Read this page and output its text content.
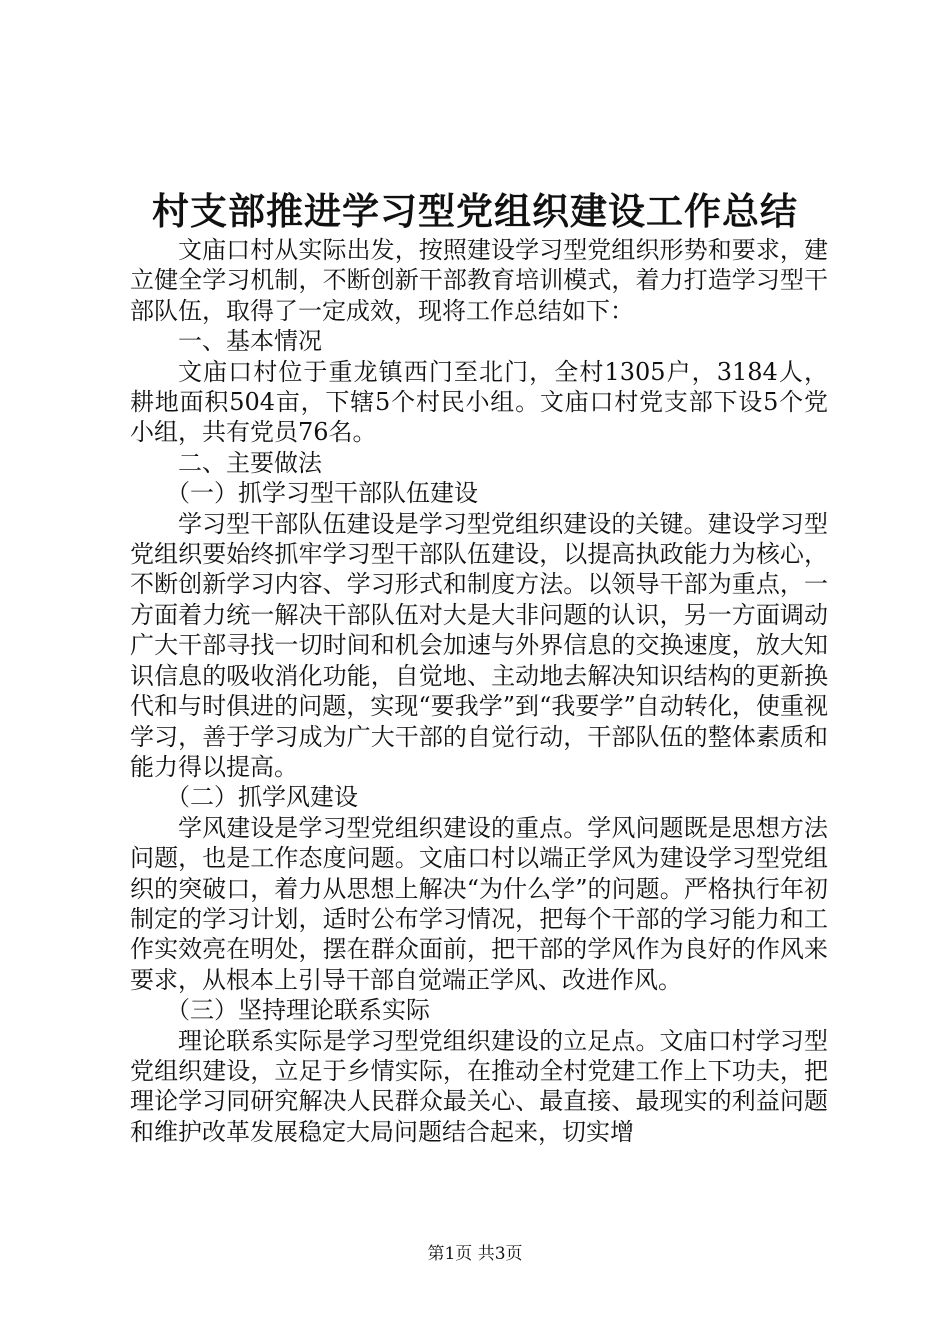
村支部推进学习型党组织建设工作总结

文庙口村从实际出发，按照建设学习型党组织形势和要求，建立健全学习机制，不断创新干部教育培训模式，着力打造学习型干部队伍，取得了一定成效，现将工作总结如下：

一、基本情况

文庙口村位于重龙镇西门至北门，全村1305户，3184人，耕地面积504亩，下辖5个村民小组。文庙口村党支部下设5个党小组，共有党员76名。

二、主要做法

（一）抓学习型干部队伍建设

学习型干部队伍建设是学习型党组织建设的关键。建设学习型党组织要始终抓牢学习型干部队伍建设，以提高执政能力为核心，不断创新学习内容、学习形式和制度方法。以领导干部为重点，一方面着力统一解决干部队伍对大是大非问题的认识，另一方面调动广大干部寻找一切时间和机会加速与外界信息的交换速度，放大知识信息的吸收消化功能，自觉地、主动地去解决知识结构的更新换代和与时俱进的问题，实现“要我学”到“我要学”自动转化，使重视学习，善于学习成为广大干部的自觉行动，干部队伍的整体素质和能力得以提高。

（二）抓学风建设

学风建设是学习型党组织建设的重点。学风问题既是思想方法问题，也是工作态度问题。文庙口村以端正学风为建设学习型党组织的突破口，着力从思想上解决“为什么学”的问题。严格执行年初制定的学习计划，适时公布学习情况，把每个干部的学习能力和工作实效亮在明处，摆在群众面前，把干部的学风作为良好的作风来要求，从根本上引导干部自觉端正学风、改进作风。

（三）坚持理论联系实际

理论联系实际是学习型党组织建设的立足点。文庙口村学习型党组织建设，立足于乡情实际，在推动全村党建工作上下功夫，把理论学习同研究解决人民群众最关心、最直接、最现实的利益问题和维护改革发展稳定大局问题结合起来，切实增

第1页 共3页
